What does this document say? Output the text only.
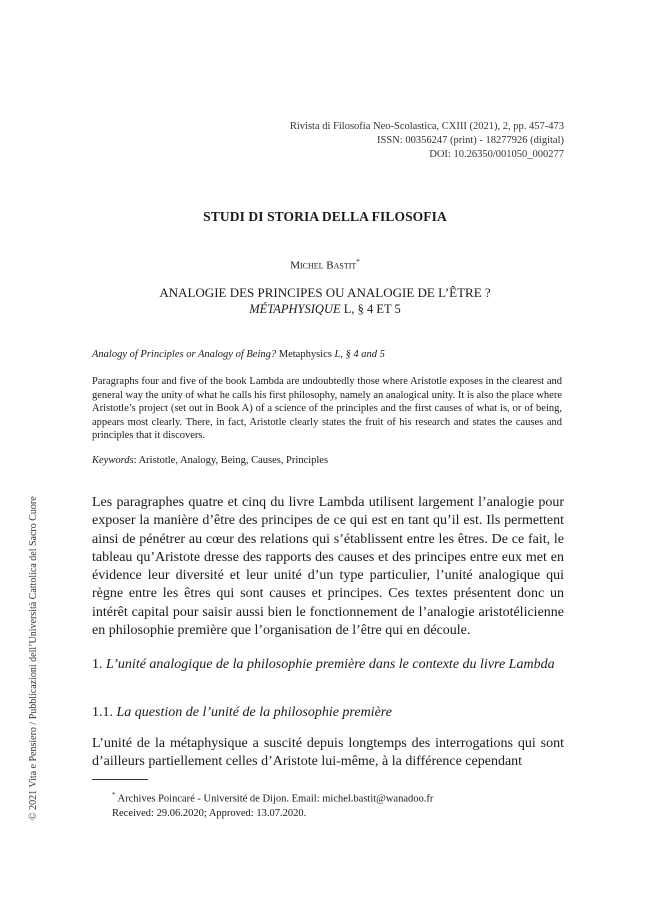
Rivista di Filosofia Neo-Scolastica, CXIII (2021), 2, pp. 457-473
ISSN: 00356247 (print) - 18277926 (digital)
DOI: 10.26350/001050_000277
STUDI DI STORIA DELLA FILOSOFIA
Michel Bastit*
ANALOGIE DES PRINCIPES OU ANALOGIE DE L’ÊTRE ?
MÉTAPHYSIQUE L, § 4 ET 5
Analogy of Principles or Analogy of Being? Metaphysics L, § 4 and 5
Paragraphs four and five of the book Lambda are undoubtedly those where Aristotle exposes in the clearest and general way the unity of what he calls his first philosophy, namely an analogical unity. It is also the place where Aristotle’s project (set out in Book A) of a science of the principles and the first causes of what is, or of being, appears most clearly. There, in fact, Aristotle clearly states the fruit of his research and states the causes and principles that it discovers.
Keywords: Aristotle, Analogy, Being, Causes, Principles
Les paragraphes quatre et cinq du livre Lambda utilisent largement l’analogie pour exposer la manière d’être des principes de ce qui est en tant qu’il est. Ils permettent ainsi de pénétrer au cœur des relations qui s’établissent entre les êtres. De ce fait, le tableau qu’Aristote dresse des rapports des causes et des principes entre eux met en évidence leur diversité et leur unité d’un type particulier, l’unité analogique qui règne entre les êtres qui sont causes et principes. Ces textes présentent donc un intérêt capital pour saisir aussi bien le fonctionnement de l’analogie aristotélicienne en philosophie première que l’organisation de l’être qui en découle.
1. L’unité analogique de la philosophie première dans le contexte du livre Lambda
1.1. La question de l’unité de la philosophie première
L’unité de la métaphysique a suscité depuis longtemps des interrogations qui sont d’ailleurs partiellement celles d’Aristote lui-même, à la différence cependant
* Archives Poincaré - Université de Dijon. Email: michel.bastit@wanadoo.fr
Received: 29.06.2020; Approved: 13.07.2020.
© 2021 Vita e Pensiero / Pubblicazioni dell’Università Cattolica del Sacro Cuore
